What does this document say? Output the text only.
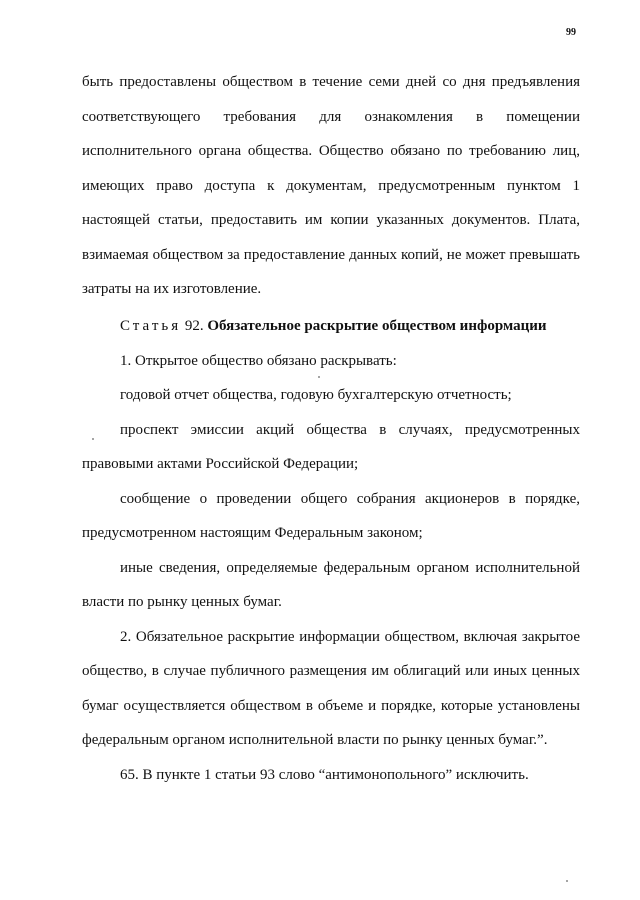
99
быть предоставлены обществом в течение семи дней со дня предъявления
соответствующего требования для ознакомления в помещении
исполнительного органа общества. Общество обязано по требованию лиц,
имеющих право доступа к документам, предусмотренным пунктом 1
настоящей статьи, предоставить им копии указанных документов. Плата,
взимаемая обществом за предоставление данных копий, не может превышать
затраты на их изготовление.
Статья 92. Обязательное раскрытие обществом информации
1. Открытое общество обязано раскрывать:
годовой отчет общества, годовую бухгалтерскую отчетность;
проспект эмиссии акций общества в случаях, предусмотренных
правовыми актами Российской Федерации;
сообщение о проведении общего собрания акционеров в порядке,
предусмотренном настоящим Федеральным законом;
иные сведения, определяемые федеральным органом исполнительной
власти по рынку ценных бумаг.
2. Обязательное раскрытие информации обществом, включая закрытое
общество, в случае публичного размещения им облигаций или иных ценных
бумаг осуществляется обществом в объеме и порядке, которые установлены
федеральным органом исполнительной власти по рынку ценных бумаг.”.
65. В пункте 1 статьи 93 слово “антимонопольного” исключить.
